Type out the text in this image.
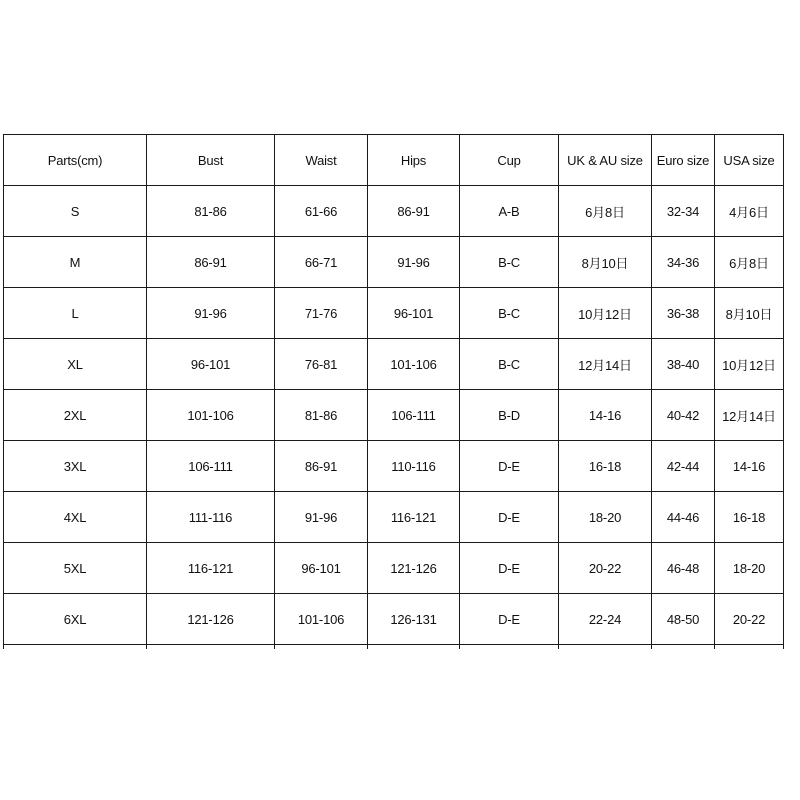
Parts(cm)	Bust	Waist	Hips	Cup	UK & AU size	Euro size	USA size
S	81-86	61-66	86-91	A-B	6月8日	32-34	4月6日
M	86-91	66-71	91-96	B-C	8月10日	34-36	6月8日
L	91-96	71-76	96-101	B-C	10月12日	36-38	8月10日
XL	96-101	76-81	101-106	B-C	12月14日	38-40	10月12日
2XL	101-106	81-86	106-111	B-D	14-16	40-42	12月14日
3XL	106-111	86-91	110-116	D-E	16-18	42-44	14-16
4XL	111-116	91-96	116-121	D-E	18-20	44-46	16-18
5XL	116-121	96-101	121-126	D-E	20-22	46-48	18-20
6XL	121-126	101-106	126-131	D-E	22-24	48-50	20-22
